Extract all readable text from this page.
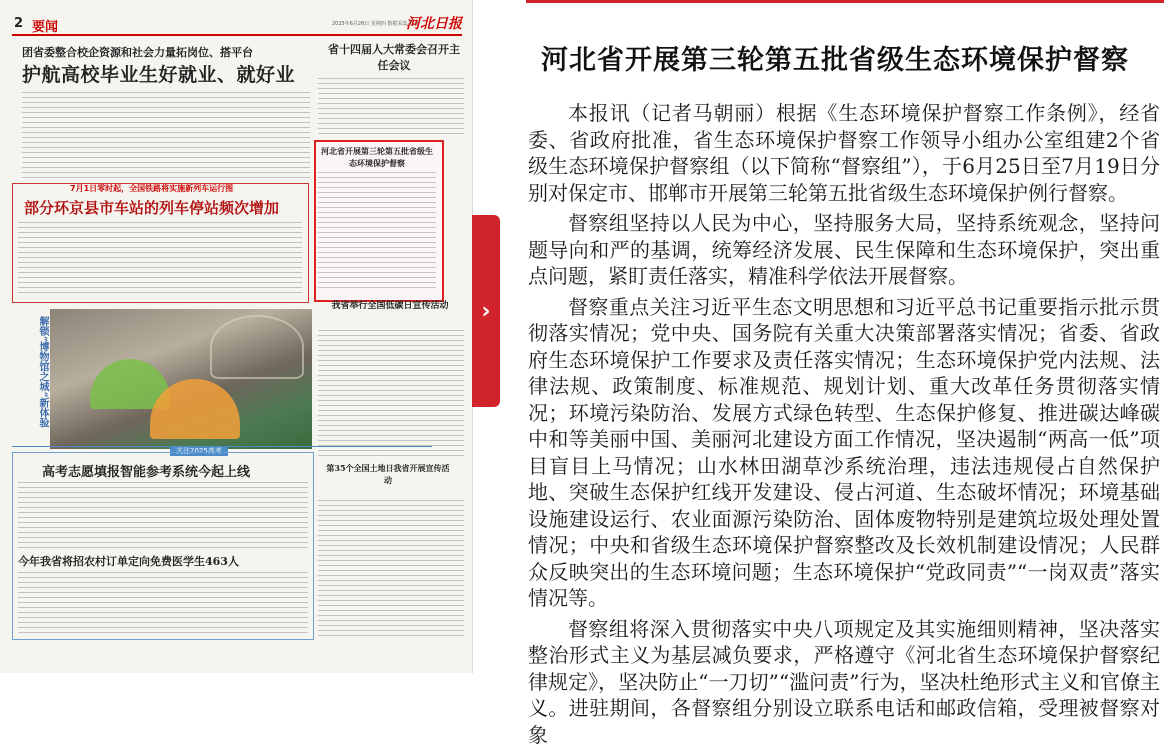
2 要闻	2025年6月26日 星期四 数据采集·农业
河北日报
团省委整合校企资源和社会力量拓岗位、搭平台
护航高校毕业生好就业、就好业
省十四届人大常委会召开主任会议
7月1日零时起，全国铁路将实施新列车运行图
部分环京县市车站的列车停站频次增加
河北省开展第三轮第五批省级生态环境保护督察
解锁“博物馆之城”新体验
我省举行全国低碳日宣传活动
关注2025高考
高考志愿填报智能参考系统今起上线
今年我省将招农村订单定向免费医学生463人
第35个全国土地日我省开展宣传活动
›
河北省开展第三轮第五批省级生态环境保护督察

本报讯（记者马朝丽）根据《生态环境保护督察工作条例》，经省委、省政府批准，省生态环境保护督察工作领导小组办公室组建2个省级生态环境保护督察组（以下简称“督察组”），于6月25日至7月19日分别对保定市、邯郸市开展第三轮第五批省级生态环境保护例行督察。

督察组坚持以人民为中心，坚持服务大局，坚持系统观念，坚持问题导向和严的基调，统筹经济发展、民生保障和生态环境保护，突出重点问题，紧盯责任落实，精准科学依法开展督察。

督察重点关注习近平生态文明思想和习近平总书记重要指示批示贯彻落实情况；党中央、国务院有关重大决策部署落实情况；省委、省政府生态环境保护工作要求及责任落实情况；生态环境保护党内法规、法律法规、政策制度、标准规范、规划计划、重大改革任务贯彻落实情况；环境污染防治、发展方式绿色转型、生态保护修复、推进碳达峰碳中和等美丽中国、美丽河北建设方面工作情况，坚决遏制“两高一低”项目盲目上马情况；山水林田湖草沙系统治理，违法违规侵占自然保护地、突破生态保护红线开发建设、侵占河道、生态破坏情况；环境基础设施建设运行、农业面源污染防治、固体废物特别是建筑垃圾处理处置情况；中央和省级生态环境保护督察整改及长效机制建设情况；人民群众反映突出的生态环境问题；生态环境保护“党政同责”“一岗双责”落实情况等。

督察组将深入贯彻落实中央八项规定及其实施细则精神，坚决落实整治形式主义为基层减负要求，严格遵守《河北省生态环境保护督察纪律规定》，坚决防止“一刀切”“滥问责”行为，坚决杜绝形式主义和官僚主义。进驻期间，各督察组分别设立联系电话和邮政信箱，受理被督察对象
